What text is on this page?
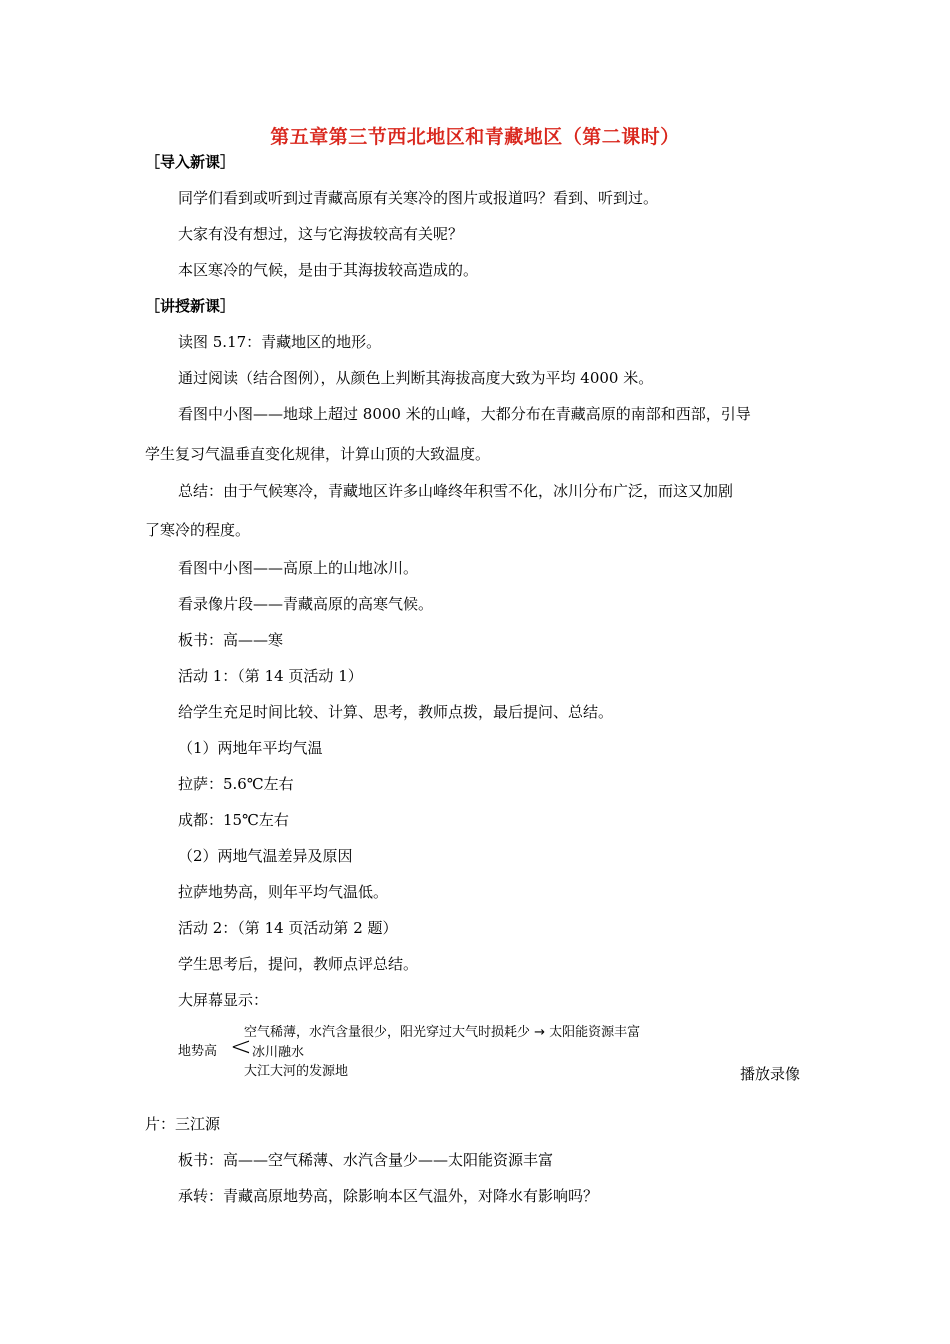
第五章第三节西北地区和青藏地区（第二课时）
［导入新课］
同学们看到或听到过青藏高原有关寒冷的图片或报道吗？看到、听到过。
大家有没有想过，这与它海拔较高有关呢？
本区寒冷的气候，是由于其海拔较高造成的。
［讲授新课］
读图 5.17：青藏地区的地形。
通过阅读（结合图例），从颜色上判断其海拔高度大致为平均 4000 米。
看图中小图——地球上超过 8000 米的山峰，大都分布在青藏高原的南部和西部，引导
学生复习气温垂直变化规律，计算山顶的大致温度。
总结：由于气候寒冷，青藏地区许多山峰终年积雪不化，冰川分布广泛，而这又加剧
了寒冷的程度。
看图中小图——高原上的山地冰川。
看录像片段——青藏高原的高寒气候。
板书：高——寒
活动 1：（第 14 页活动 1）
给学生充足时间比较、计算、思考，教师点拨，最后提问、总结。
（1）两地年平均气温
拉萨：5.6℃左右
成都：15℃左右
（2）两地气温差异及原因
拉萨地势高，则年平均气温低。
活动 2：（第 14 页活动第 2 题）
学生思考后，提问，教师点评总结。
大屏幕显示：
地势高 <
空气稀薄，水汽含量很少，阳光穿过大气时损耗少 → 太阳能资源丰富
冰川融水
大江大河的发源地	播放录像
片：三江源
板书：高——空气稀薄、水汽含量少——太阳能资源丰富
承转：青藏高原地势高，除影响本区气温外，对降水有影响吗？
